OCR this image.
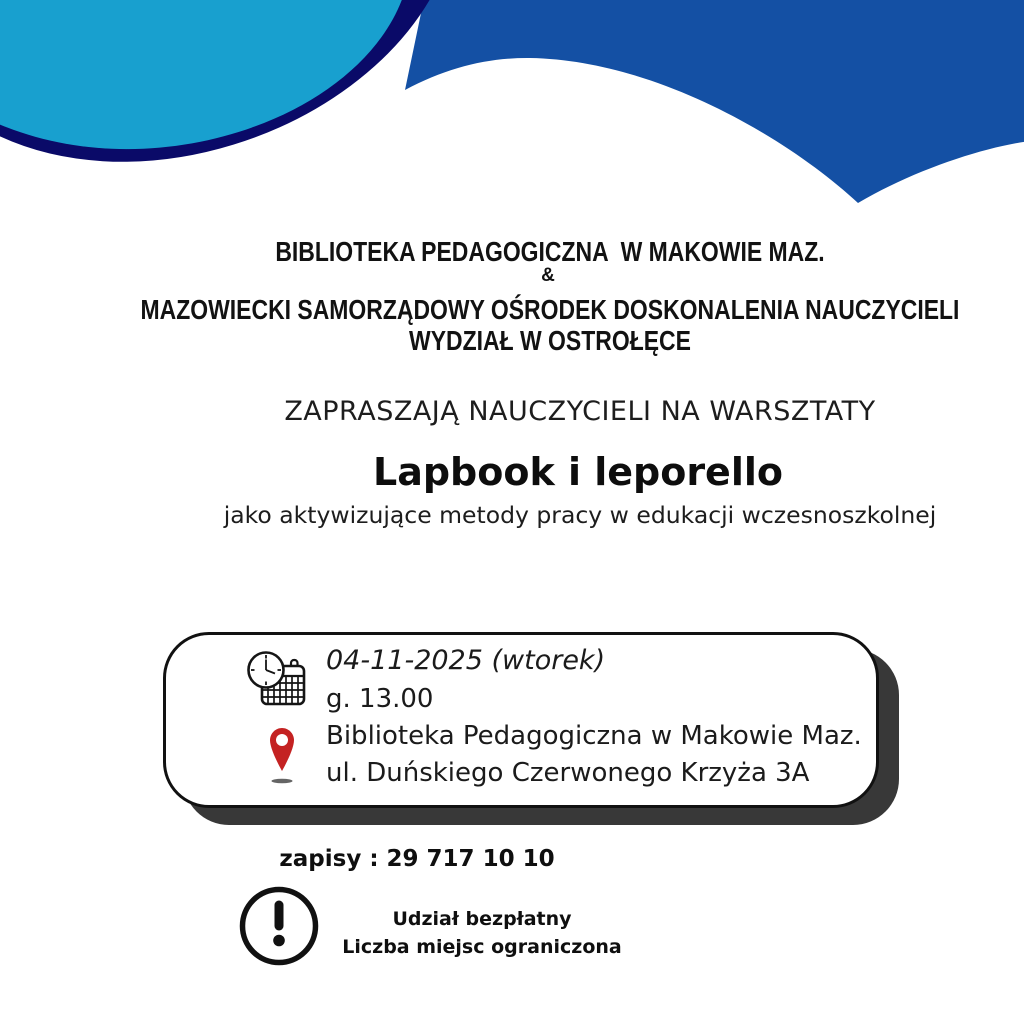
BIBLIOTEKA PEDAGOGICZNA  W MAKOWIE MAZ.
&
MAZOWIECKI SAMORZĄDOWY OŚRODEK DOSKONALENIA NAUCZYCIELI
WYDZIAŁ W OSTROŁĘCE
ZAPRASZAJĄ NAUCZYCIELI NA WARSZTATY
Lapbook i leporello
jako aktywizujące metody pracy w edukacji wczesnoszkolnej
04-11-2025 (wtorek)
g. 13.00
Biblioteka Pedagogiczna w Makowie Maz.
ul. Duńskiego Czerwonego Krzyża 3A
zapisy : 29 717 10 10
Udział bezpłatny
Liczba miejsc ograniczona
